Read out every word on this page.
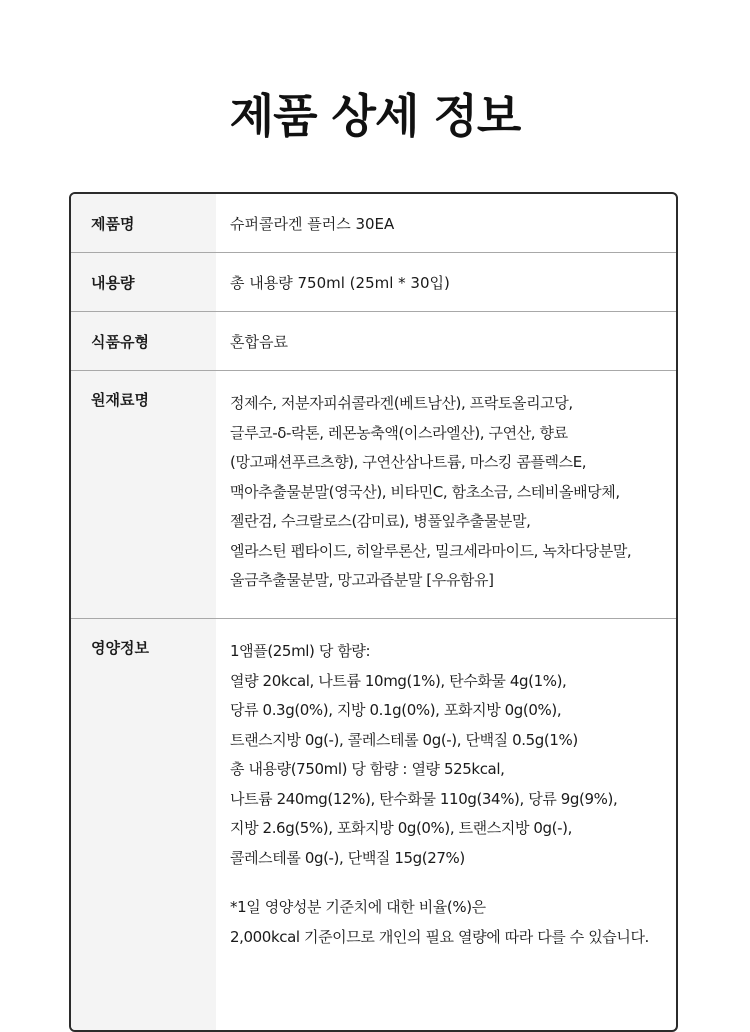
제품 상세 정보
제품명	슈퍼콜라겐 플러스 30EA
내용량	총 내용량 750ml (25ml * 30입)
식품유형	혼합음료
원재료명	정제수, 저분자피쉬콜라겐(베트남산), 프락토올리고당,
글루코-δ-락톤, 레몬농축액(이스라엘산), 구연산, 향료
(망고패션푸르츠향), 구연산삼나트륨, 마스킹 콤플렉스E,
맥아추출물분말(영국산), 비타민C, 함초소금, 스테비올배당체,
젤란검, 수크랄로스(감미료), 병풀잎추출물분말,
엘라스틴 펩타이드, 히알루론산, 밀크세라마이드, 녹차다당분말,
울금추출물분말, 망고과즙분말 [우유함유]
영양정보	1앰플(25ml) 당 함량:
열량 20kcal, 나트륨 10mg(1%), 탄수화물 4g(1%),
당류 0.3g(0%), 지방 0.1g(0%), 포화지방 0g(0%),
트랜스지방 0g(-), 콜레스테롤 0g(-), 단백질 0.5g(1%)
총 내용량(750ml) 당 함량 : 열량 525kcal,
나트륨 240mg(12%), 탄수화물 110g(34%), 당류 9g(9%),
지방 2.6g(5%), 포화지방 0g(0%), 트랜스지방 0g(-),
콜레스테롤 0g(-), 단백질 15g(27%)
*1일 영양성분 기준치에 대한 비율(%)은
2,000kcal 기준이므로 개인의 필요 열량에 따라 다를 수 있습니다.
